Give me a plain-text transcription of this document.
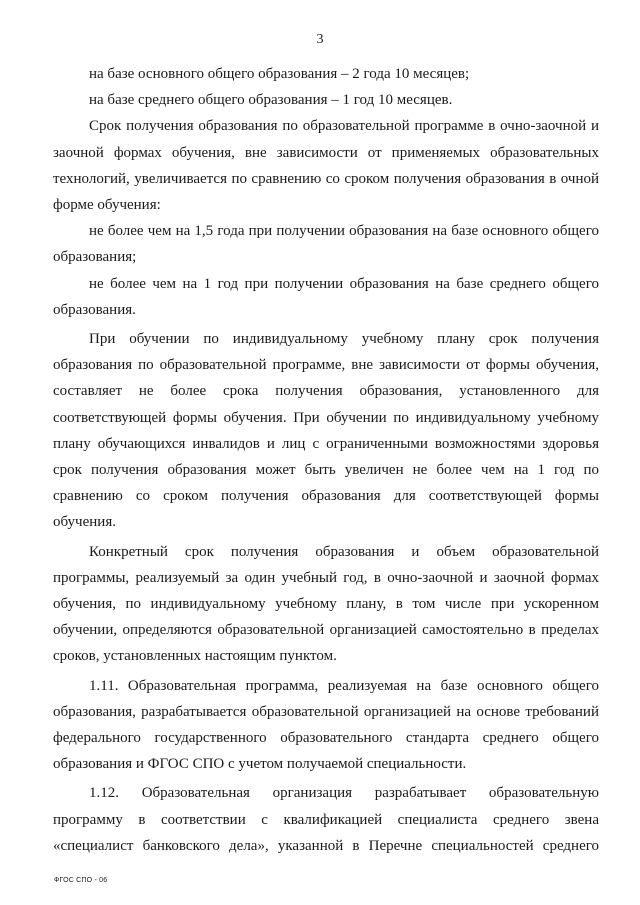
3
на базе основного общего образования – 2 года 10 месяцев;
на базе среднего общего образования – 1 год 10 месяцев.
Срок получения образования по образовательной программе в очно-заочной и
заочной формах обучения, вне зависимости от применяемых образовательных
технологий, увеличивается по сравнению со сроком получения образования в очной
форме обучения:
не более чем на 1,5 года при получении образования на базе основного общего
образования;
не более чем на 1 год при получении образования на базе среднего общего
образования.
При обучении по индивидуальному учебному плану срок получения
образования по образовательной программе, вне зависимости от формы обучения,
составляет не более срока получения образования, установленного для
соответствующей формы обучения. При обучении по индивидуальному учебному
плану обучающихся инвалидов и лиц с ограниченными возможностями здоровья
срок получения образования может быть увеличен не более чем на 1 год по
сравнению со сроком получения образования для соответствующей формы
обучения.
Конкретный срок получения образования и объем образовательной
программы, реализуемый за один учебный год, в очно-заочной и заочной формах
обучения, по индивидуальному учебному плану, в том числе при ускоренном
обучении, определяются образовательной организацией самостоятельно в пределах
сроков, установленных настоящим пунктом.
1.11. Образовательная программа, реализуемая на базе основного общего
образования, разрабатывается образовательной организацией на основе требований
федерального государственного образовательного стандарта среднего общего
образования и ФГОС СПО с учетом получаемой специальности.
1.12. Образовательная организация разрабатывает образовательную
программу в соответствии с квалификацией специалиста среднего звена
«специалист банковского дела», указанной в Перечне специальностей среднего
ФГОС СПО - 06
